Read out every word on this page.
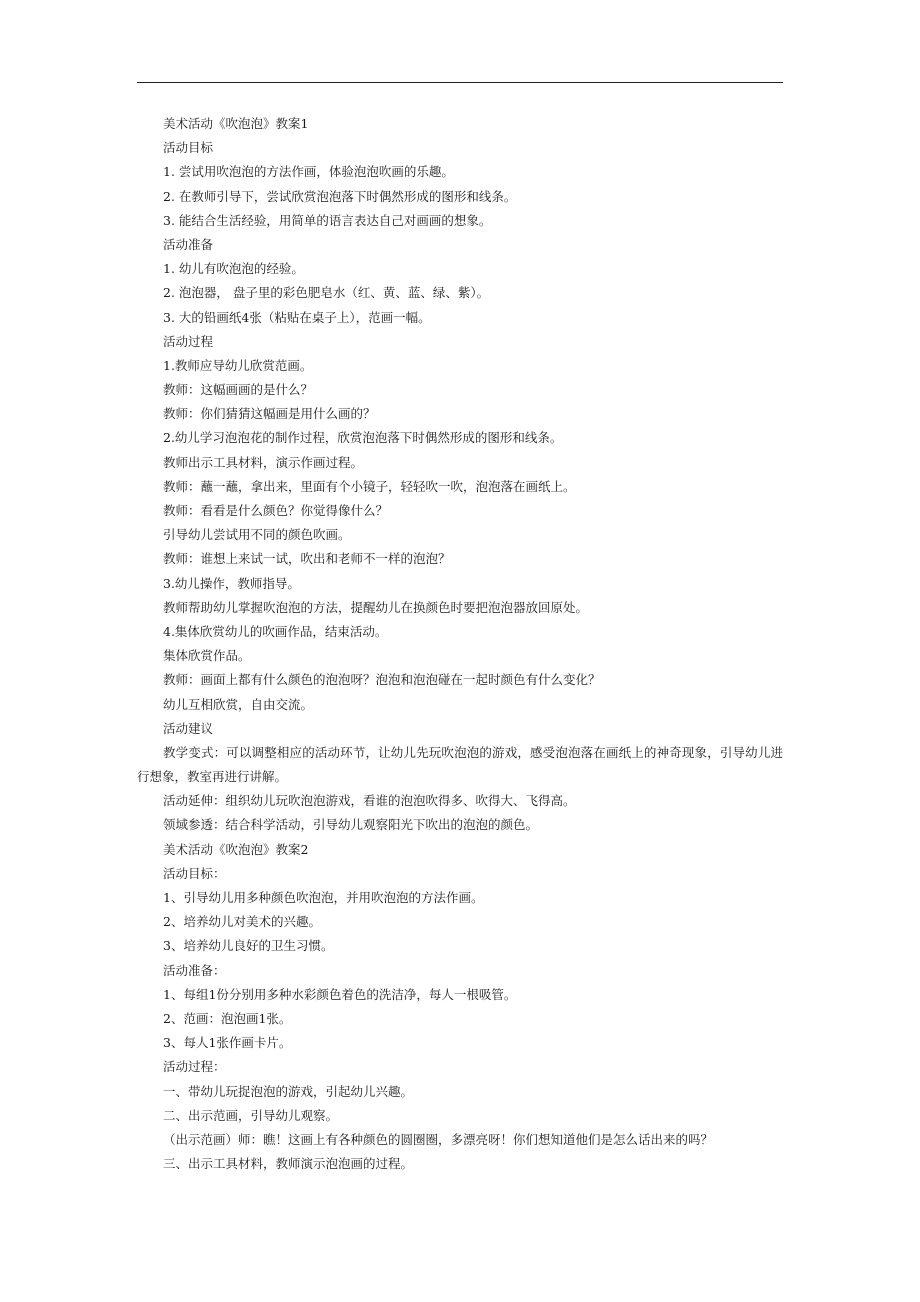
美术活动《吹泡泡》教案1
活动目标
1. 尝试用吹泡泡的方法作画，体验泡泡吹画的乐趣。
2. 在教师引导下，尝试欣赏泡泡落下时偶然形成的图形和线条。
3. 能结合生活经验，用简单的语言表达自己对画画的想象。
活动准备
1. 幼儿有吹泡泡的经验。
2. 泡泡器， 盘子里的彩色肥皂水（红、黄、蓝、绿、紫）。
3. 大的铅画纸4张（粘贴在桌子上），范画一幅。
活动过程
1.教师应导幼儿欣赏范画。
教师：这幅画画的是什么？
教师：你们猜猜这幅画是用什么画的？
2.幼儿学习泡泡花的制作过程，欣赏泡泡落下时偶然形成的图形和线条。
教师出示工具材料，演示作画过程。
教师：蘸一蘸，拿出来，里面有个小镜子，轻轻吹一吹，泡泡落在画纸上。
教师：看看是什么颜色？你觉得像什么？
引导幼儿尝试用不同的颜色吹画。
教师：谁想上来试一试，吹出和老师不一样的泡泡？
3.幼儿操作，教师指导。
教师帮助幼儿掌握吹泡泡的方法，提醒幼儿在换颜色时要把泡泡器放回原处。
4.集体欣赏幼儿的吹画作品，结束活动。
集体欣赏作品。
教师：画面上都有什么颜色的泡泡呀？泡泡和泡泡碰在一起时颜色有什么变化？
幼儿互相欣赏，自由交流。
活动建议
教学变式：可以调整相应的活动环节，让幼儿先玩吹泡泡的游戏，感受泡泡落在画纸上的神奇现象，引导幼儿进行想象，教室再进行讲解。
活动延伸：组织幼儿玩吹泡泡游戏，看谁的泡泡吹得多、吹得大、飞得高。
领域参透：结合科学活动，引导幼儿观察阳光下吹出的泡泡的颜色。
美术活动《吹泡泡》教案2
活动目标：
1、引导幼儿用多种颜色吹泡泡，并用吹泡泡的方法作画。
2、培养幼儿对美术的兴趣。
3、培养幼儿良好的卫生习惯。
活动准备：
1、每组1份分别用多种水彩颜色着色的洗洁净，每人一根吸管。
2、范画：泡泡画1张。
3、每人1张作画卡片。
活动过程：
一、带幼儿玩捉泡泡的游戏，引起幼儿兴趣。
二、出示范画，引导幼儿观察。
（出示范画）师：瞧！这画上有各种颜色的圆圈圈，多漂亮呀！你们想知道他们是怎么话出来的吗？
三、出示工具材料，教师演示泡泡画的过程。
